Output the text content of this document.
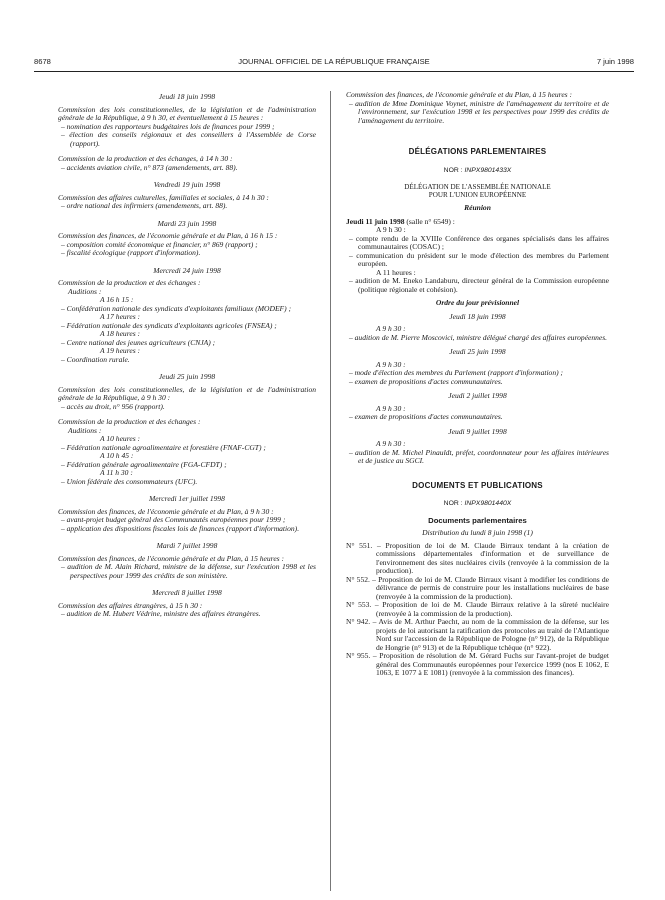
8678	JOURNAL OFFICIEL DE LA RÉPUBLIQUE FRANÇAISE	7 juin 1998
Jeudi 18 juin 1998

Commission des lois constitutionnelles, de la législation et de l'administration générale de la République, à 9 h 30, et éventuellement à 15 heures :

– nomination des rapporteurs budgétaires lois de finances pour 1999 ;

– élection des conseils régionaux et des conseillers à l'Assemblée de Corse (rapport).

Commission de la production et des échanges, à 14 h 30 :

– accidents aviation civile, n° 873 (amendements, art. 88).

Vendredi 19 juin 1998

Commission des affaires culturelles, familiales et sociales, à 14 h 30 :

– ordre national des infirmiers (amendements, art. 88).

Mardi 23 juin 1998

Commission des finances, de l'économie générale et du Plan, à 16 h 15 :

– composition comité économique et financier, n° 869 (rapport) ;

– fiscalité écologique (rapport d'information).

Mercredi 24 juin 1998

Commission de la production et des échanges :

Auditions :

A 16 h 15 :

– Confédération nationale des syndicats d'exploitants familiaux (MODEF) ;

A 17 heures :

– Fédération nationale des syndicats d'exploitants agricoles (FNSEA) ;

A 18 heures :

– Centre national des jeunes agriculteurs (CNJA) ;

A 19 heures :

– Coordination rurale.

Jeudi 25 juin 1998

Commission des lois constitutionnelles, de la législation et de l'administration générale de la République, à 9 h 30 :

– accès au droit, n° 956 (rapport).

Commission de la production et des échanges :

Auditions :

A 10 heures :

– Fédération nationale agroalimentaire et forestière (FNAF-CGT) ;

A 10 h 45 :

– Fédération générale agroalimentaire (FGA-CFDT) ;

A 11 h 30 :

– Union fédérale des consommateurs (UFC).

Mercredi 1er juillet 1998

Commission des finances, de l'économie générale et du Plan, à 9 h 30 :

– avant-projet budget général des Communautés européennes pour 1999 ;

– application des dispositions fiscales lois de finances (rapport d'information).

Mardi 7 juillet 1998

Commission des finances, de l'économie générale et du Plan, à 15 heures :

– audition de M. Alain Richard, ministre de la défense, sur l'exécution 1998 et les perspectives pour 1999 des crédits de son ministère.

Mercredi 8 juillet 1998

Commission des affaires étrangères, à 15 h 30 :

– audition de M. Hubert Védrine, ministre des affaires étrangères.

Commission des finances, de l'économie générale et du Plan, à 15 heures :

– audition de Mme Dominique Voynet, ministre de l'aménagement du territoire et de l'environnement, sur l'exécution 1998 et les perspectives pour 1999 des crédits de l'aménagement du territoire.

DÉLÉGATIONS PARLEMENTAIRES
NOR : INPX9801433X
DÉLÉGATION DE L'ASSEMBLÉE NATIONALE
POUR L'UNION EUROPÉENNE
Réunion
Jeudi 11 juin 1998 (salle n° 6549) :

A 9 h 30 :

– compte rendu de la XVIIIe Conférence des organes spécialisés dans les affaires communautaires (COSAC) ;

– communication du président sur le mode d'élection des membres du Parlement européen.

A 11 heures :

– audition de M. Eneko Landaburu, directeur général de la Commission européenne (politique régionale et cohésion).

Ordre du jour prévisionnel
Jeudi 18 juin 1998

A 9 h 30 :

– audition de M. Pierre Moscovici, ministre délégué chargé des affaires européennes.

Jeudi 25 juin 1998

A 9 h 30 :

– mode d'élection des membres du Parlement (rapport d'information) ;

– examen de propositions d'actes communautaires.

Jeudi 2 juillet 1998

A 9 h 30 :

– examen de propositions d'actes communautaires.

Jeudi 9 juillet 1998

A 9 h 30 :

– audition de M. Michel Pinauldt, préfet, coordonnateur pour les affaires intérieures et de justice au SGCI.

DOCUMENTS ET PUBLICATIONS
NOR : INPX9801440X
Documents parlementaires
Distribution du lundi 8 juin 1998 (1)

N° 551. – Proposition de loi de M. Claude Birraux tendant à la création de commissions départementales d'information et de surveillance de l'environnement des sites nucléaires civils (renvoyée à la commission de la production).

N° 552. – Proposition de loi de M. Claude Birraux visant à modifier les conditions de délivrance de permis de construire pour les installations nucléaires de base (renvoyée à la commission de la production).

N° 553. – Proposition de loi de M. Claude Birraux relative à la sûreté nucléaire (renvoyée à la commission de la production).

N° 942. – Avis de M. Arthur Paecht, au nom de la commission de la défense, sur les projets de loi autorisant la ratification des protocoles au traité de l'Atlantique Nord sur l'accession de la République de Pologne (n° 912), de la République de Hongrie (n° 913) et de la République tchèque (n° 922).

N° 955. – Proposition de résolution de M. Gérard Fuchs sur l'avant-projet de budget général des Communautés européennes pour l'exercice 1999 (nos E 1062, E 1063, E 1077 à E 1081) (renvoyée à la commission des finances).
